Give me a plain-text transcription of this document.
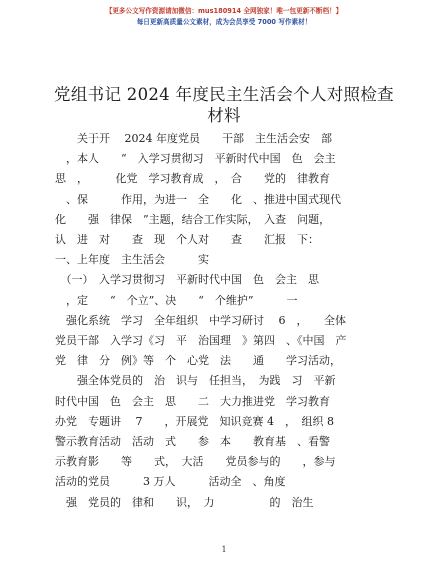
【更多公文写作资源请加微信：mus180914 全网独家！唯一包更新不断档！】
每日更新高质量公文素材，成为会员享受 7000 写作素材！
党组书记 2024 年度民主生活会个人对照检查材料

　　关于开　 2024 年度党员　　干部　主生活会安　部

　，本人　　“　入学习贯彻习　平新时代中国　色　会主

思　，　　　化党　学习教育成　，　合　　党的　律教育

　、保　　　作用，为进一　全　　化　、推进中国式现代

化　　强　律保　”主题，结合工作实际，　入查　问题，

认　进　对　　查　现　个人对　　查　　汇报　下：

一、上年度　主生活会　　　实

　（一）　入学习贯彻习　平新时代中国　色　会主　思

　，定　　“　个立”、决　　“　个维护”　　　一

　强化系统　学习　全年组织　中学习研讨　 6　，　　全体

党员干部　入学习《习　平　治国理　》第四　、《中国　产

党　律　分　例》等　个　心党　法　　通　　学习活动，

　　强全体党员的　治　识与　任担当，　为践　习　平新

时代中国　色　会主　思　　二　大力推进党　学习教育

办党　专题讲　 7　　，开展党　知识竞赛 4　，　组织 8

警示教育活动　活动　式　　参　本　　教育基　、看警

示教育影　　等　　式，　大活　　党员参与的　　，参与

活动的党员　　　3 万人　　　活动全　、角度

　强　党员的　律和　　识，　力　　　　　的　治生

1
